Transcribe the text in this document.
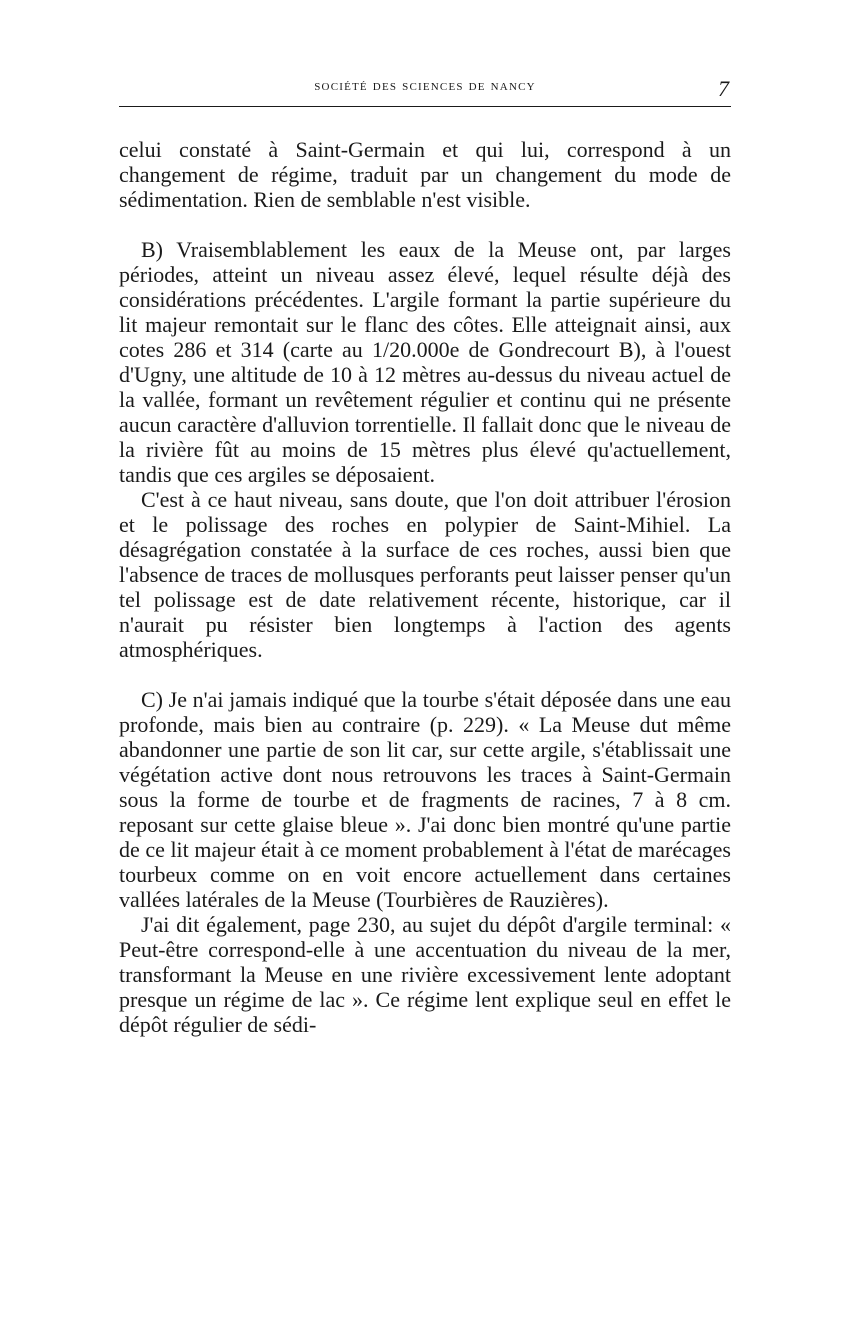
société des sciences de nancy	7

celui constaté à Saint-Germain et qui lui, correspond à un changement de régime, traduit par un changement du mode de sédimentation. Rien de semblable n'est visible.

B) Vraisemblablement les eaux de la Meuse ont, par larges périodes, atteint un niveau assez élevé, lequel résulte déjà des considérations précédentes. L'argile formant la partie supérieure du lit majeur remontait sur le flanc des côtes. Elle atteignait ainsi, aux cotes 286 et 314 (carte au 1/20.000e de Gondrecourt B), à l'ouest d'Ugny, une altitude de 10 à 12 mètres au-dessus du niveau actuel de la vallée, formant un revêtement régulier et continu qui ne présente aucun caractère d'alluvion torrentielle. Il fallait donc que le niveau de la rivière fût au moins de 15 mètres plus élevé qu'actuellement, tandis que ces argiles se déposaient.

C'est à ce haut niveau, sans doute, que l'on doit attribuer l'érosion et le polissage des roches en polypier de Saint-Mihiel. La désagrégation constatée à la surface de ces roches, aussi bien que l'absence de traces de mollusques perforants peut laisser penser qu'un tel polissage est de date relativement récente, historique, car il n'aurait pu résister bien longtemps à l'action des agents atmosphériques.

C) Je n'ai jamais indiqué que la tourbe s'était déposée dans une eau profonde, mais bien au contraire (p. 229). « La Meuse dut même abandonner une partie de son lit car, sur cette argile, s'établissait une végétation active dont nous retrouvons les traces à Saint-Germain sous la forme de tourbe et de fragments de racines, 7 à 8 cm. reposant sur cette glaise bleue ». J'ai donc bien montré qu'une partie de ce lit majeur était à ce moment probablement à l'état de marécages tourbeux comme on en voit encore actuellement dans certaines vallées latérales de la Meuse (Tourbières de Rauzières).

J'ai dit également, page 230, au sujet du dépôt d'argile terminal: « Peut-être correspond-elle à une accentuation du niveau de la mer, transformant la Meuse en une rivière excessivement lente adoptant presque un régime de lac ». Ce régime lent explique seul en effet le dépôt régulier de sédi-
